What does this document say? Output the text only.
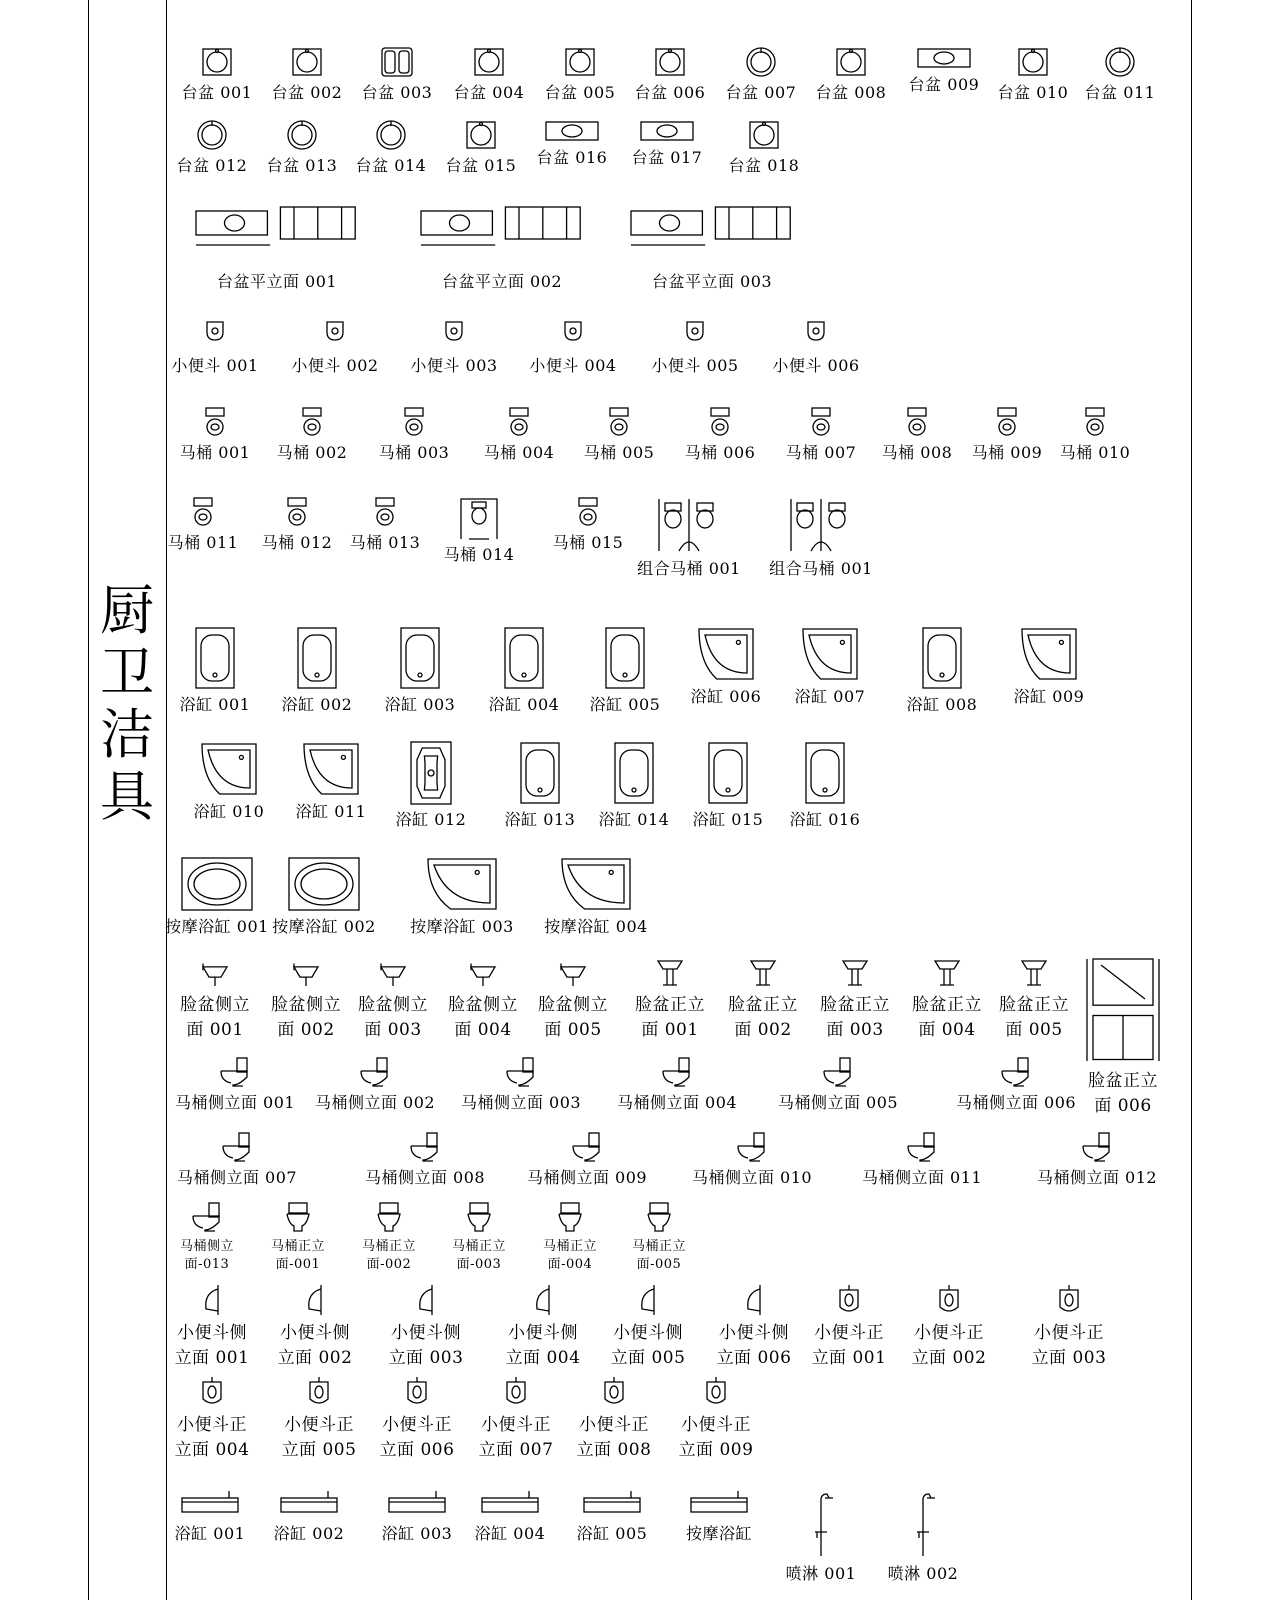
厨卫洁具
台盆 001 台盆 002 台盆 003 台盆 004 台盆 005 台盆 006 台盆 007 台盆 008 台盆 009 台盆 010 台盆 011
台盆 012 台盆 013 台盆 014 台盆 015 台盆 016 台盆 017 台盆 018
台盆平立面 001	台盆平立面 002	台盆平立面 003
小便斗 001 小便斗 002 小便斗 003 小便斗 004 小便斗 005 小便斗 006
马桶 001 马桶 002 马桶 003 马桶 004 马桶 005 马桶 006 马桶 007 马桶 008 马桶 009 马桶 010
马桶 011 马桶 012 马桶 013
马桶 014
马桶 015
组合马桶 001 组合马桶 001
浴缸 001 浴缸 002 浴缸 003 浴缸 004 浴缸 005 浴缸 006 浴缸 007	浴缸 008 浴缸 009
浴缸 010 浴缸 011 浴缸 012 浴缸 013 浴缸 014 浴缸 015 浴缸 016
按摩浴缸 001 按摩浴缸 002 按摩浴缸 003 按摩浴缸 004
脸盆侧立
面 001
脸盆侧立
面 002
脸盆侧立
面 003
脸盆侧立
面 004
脸盆侧立
面 005
脸盆正立
面 001
脸盆正立
面 002
脸盆正立
面 003
脸盆正立
面 004
脸盆正立
面 005
脸盆正立
面 006
马桶侧立面 001 马桶侧立面 002 马桶侧立面 003 马桶侧立面 004	马桶侧立面 005	马桶侧立面 006
马桶侧立面 007	马桶侧立面 008	马桶侧立面 009	马桶侧立面 010	马桶侧立面 011	马桶侧立面 012
马桶侧立
面-013
马桶正立
面-001
马桶正立
面-002
马桶正立
面-003
马桶正立
面-004
马桶正立
面-005
小便斗侧
立面 001
小便斗侧
立面 002
小便斗侧
立面 003
小便斗侧
立面 004
小便斗侧
立面 005
小便斗侧
立面 006
小便斗正
立面 001
小便斗正
立面 002
小便斗正
立面 003
小便斗正
立面 004
小便斗正
立面 005
小便斗正
立面 006
小便斗正
立面 007
小便斗正
立面 008
小便斗正
立面 009
浴缸 001 浴缸 002 浴缸 003 浴缸 004 浴缸 005 按摩浴缸
喷淋 001 喷淋 002
